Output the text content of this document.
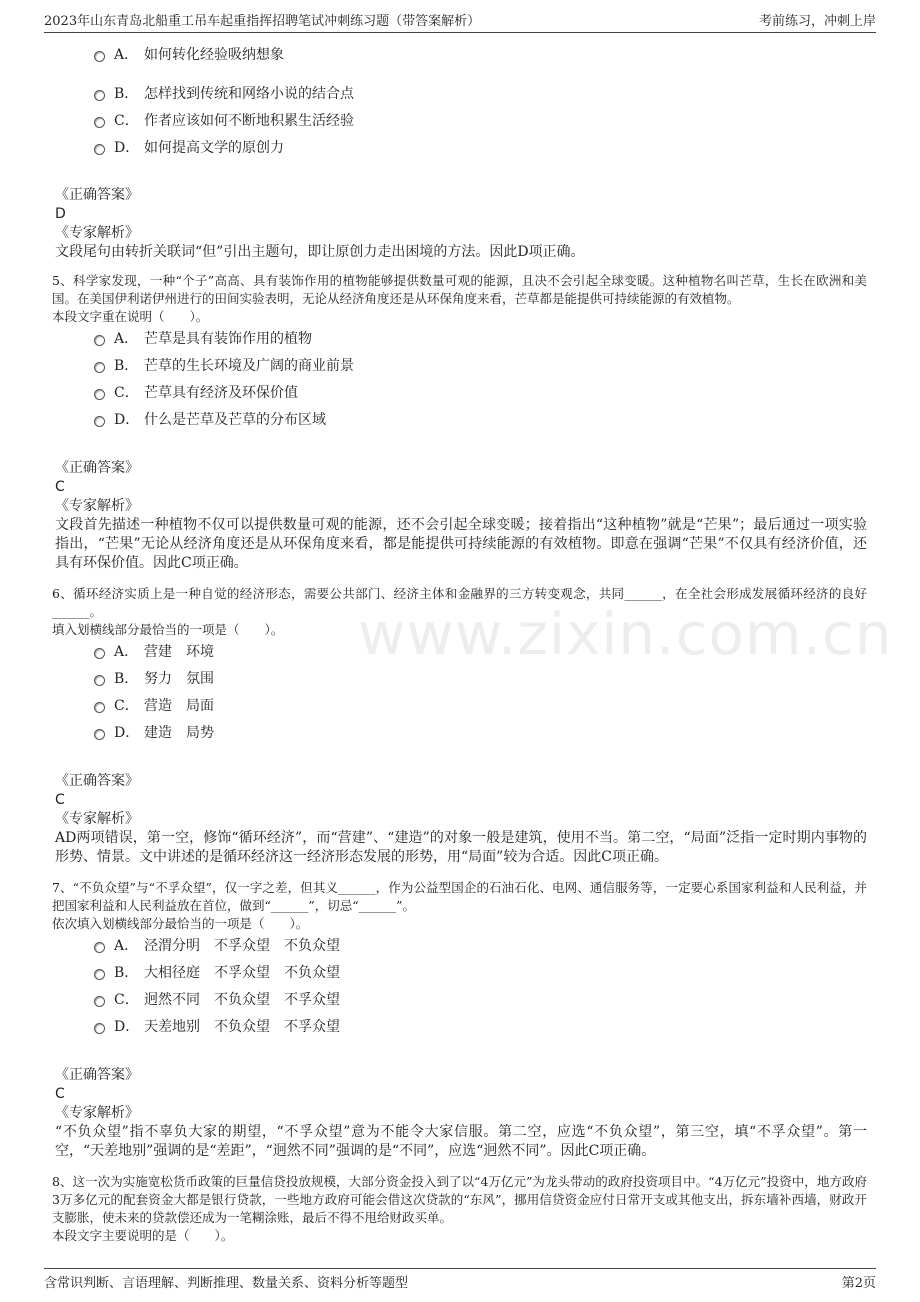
2023年山东青岛北船重工吊车起重指挥招聘笔试冲刺练习题（带答案解析）	考前练习，冲刺上岸
www.zixin.com.cn
A． 如何转化经验吸纳想象
B． 怎样找到传统和网络小说的结合点
C． 作者应该如何不断地积累生活经验
D． 如何提高文学的原创力
《正确答案》
D
《专家解析》
文段尾句由转折关联词“但”引出主题句，即让原创力走出困境的方法。因此D项正确。
5、科学家发现，一种“个子”高高、具有装饰作用的植物能够提供数量可观的能源，且决不会引起全球变暖。这种植物名叫芒草，生长在欧洲和美国。在美国伊利诺伊州进行的田间实验表明，无论从经济角度还是从环保角度来看，芒草都是能提供可持续能源的有效植物。
本段文字重在说明（　　）。
A． 芒草是具有装饰作用的植物
B． 芒草的生长环境及广阔的商业前景
C． 芒草具有经济及环保价值
D． 什么是芒草及芒草的分布区域
《正确答案》
C
《专家解析》
文段首先描述一种植物不仅可以提供数量可观的能源，还不会引起全球变暖；接着指出“这种植物”就是“芒果”；最后通过一项实验指出，“芒果”无论从经济角度还是从环保角度来看，都是能提供可持续能源的有效植物。即意在强调“芒果”不仅具有经济价值，还具有环保价值。因此C项正确。
6、循环经济实质上是一种自觉的经济形态，需要公共部门、经济主体和金融界的三方转变观念，共同______，在全社会形成发展循环经济的良好______。
填入划横线部分最恰当的一项是（　　）。
A． 营建　环境
B． 努力　氛围
C． 营造　局面
D． 建造　局势
《正确答案》
C
《专家解析》
AD两项错误，第一空，修饰“循环经济”，而“营建”、“建造”的对象一般是建筑，使用不当。第二空，“局面”泛指一定时期内事物的形势、情景。文中讲述的是循环经济这一经济形态发展的形势，用“局面”较为合适。因此C项正确。
7、“不负众望”与“不孚众望”，仅一字之差，但其义______，作为公益型国企的石油石化、电网、通信服务等，一定要心系国家利益和人民利益，并把国家利益和人民利益放在首位，做到“______”，切忌“______”。
依次填入划横线部分最恰当的一项是（　　）。
A． 泾渭分明　不孚众望　不负众望
B． 大相径庭　不孚众望　不负众望
C． 迥然不同　不负众望　不孚众望
D． 天差地别　不负众望　不孚众望
《正确答案》
C
《专家解析》
“不负众望”指不辜负大家的期望，“不孚众望”意为不能令大家信服。第二空，应选“不负众望”，第三空，填“不孚众望”。第一空，“天差地别”强调的是“差距”，“迥然不同”强调的是“不同”，应选“迥然不同”。因此C项正确。
8、这一次为实施宽松货币政策的巨量信贷投放规模，大部分资金投入到了以“4万亿元”为龙头带动的政府投资项目中。“4万亿元”投资中，地方政府3万多亿元的配套资金大都是银行贷款，一些地方政府可能会借这次贷款的“东风”，挪用信贷资金应付日常开支或其他支出，拆东墙补西墙，财政开支膨胀，使未来的贷款偿还成为一笔糊涂账，最后不得不甩给财政买单。
本段文字主要说明的是（　　）。
含常识判断、言语理解、判断推理、数量关系、资料分析等题型	第2页
